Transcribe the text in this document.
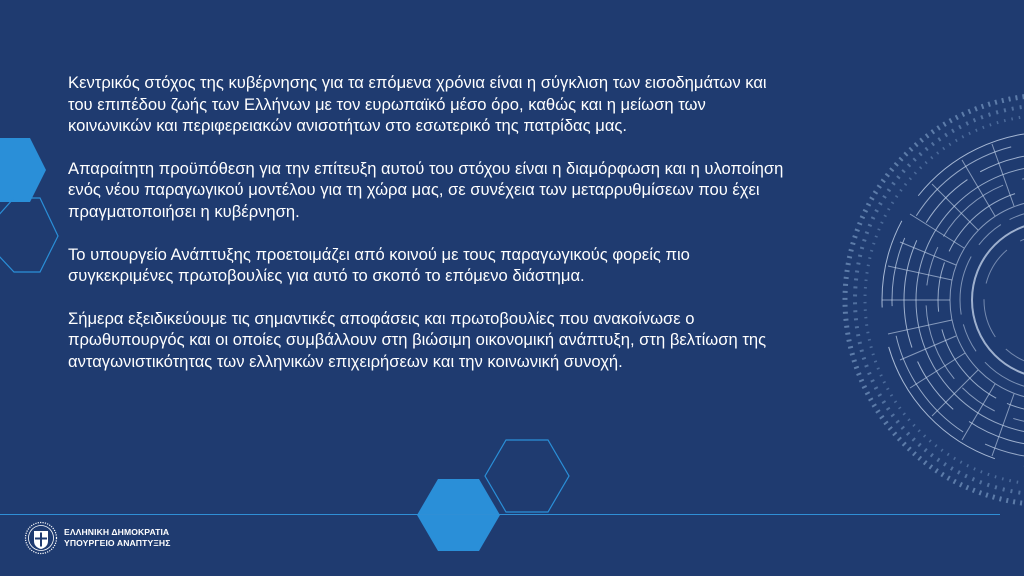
Κεντρικός στόχος της κυβέρνησης για τα επόμενα χρόνια είναι η σύγκλιση των εισοδημάτων και του επιπέδου ζωής των Ελλήνων με τον ευρωπαϊκό μέσο όρο, καθώς και η μείωση των κοινωνικών και περιφερειακών ανισοτήτων στο εσωτερικό της πατρίδας μας.

Απαραίτητη προϋπόθεση για την επίτευξη αυτού του στόχου είναι η διαμόρφωση και η υλοποίηση ενός νέου παραγωγικού μοντέλου για τη χώρα μας, σε συνέχεια των μεταρρυθμίσεων που έχει πραγματοποιήσει η κυβέρνηση.

Το υπουργείο Ανάπτυξης προετοιμάζει από κοινού με τους παραγωγικούς φορείς πιο συγκεκριμένες πρωτοβουλίες για αυτό το σκοπό το επόμενο διάστημα.

Σήμερα εξειδικεύουμε τις σημαντικές αποφάσεις και πρωτοβουλίες που ανακοίνωσε ο πρωθυπουργός και οι οποίες συμβάλλουν στη βιώσιμη οικονομική ανάπτυξη, στη βελτίωση της ανταγωνιστικότητας των ελληνικών επιχειρήσεων και την κοινωνική συνοχή.

ΕΛΛΗΝΙΚΗ ΔΗΜΟΚΡΑΤΙΑ
ΥΠΟΥΡΓΕΙΟ ΑΝΑΠΤΥΞΗΣ
